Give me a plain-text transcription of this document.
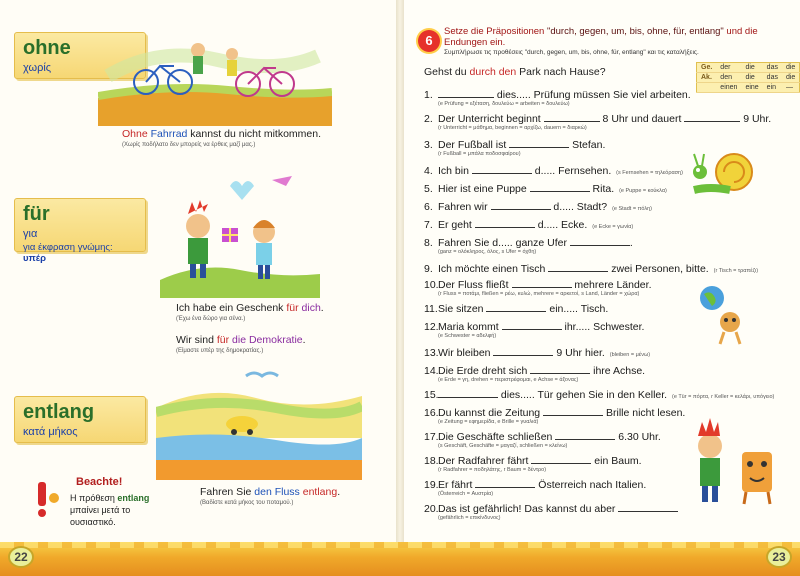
ohne
χωρίς
Ohne Fahrrad kannst du nicht mitkommen.
(Χωρίς ποδήλατο δεν μπορείς να έρθεις μαζί μας.)
für
για
για έκφραση γνώμης: υπέρ
Ich habe ein Geschenk für dich.
(Έχω ένα δώρο για σένα.)
Wir sind für die Demokratie.
(Είμαστε υπέρ της δημοκρατίας.)
entlang
κατά μήκος
Fahren Sie den Fluss entlang.
(Βαδίστε κατά μήκος του ποταμού.)
Beachte!
Η πρόθεση entlang μπαίνει μετά το ουσιαστικό.
6
Setze die Präpositionen "durch, gegen, um, bis, ohne, für, entlang" und die Endungen ein.
Συμπλήρωσε τις προθέσεις "durch, gegen, um, bis, ohne, für, entlang" και τις καταλήξεις.
Gehst du durch den Park nach Hause?	Ge.	der	die	das	die
Ak.	den	die	das	die
	einen	eine	ein	—
1.	dies..... Prüfung müssen Sie viel arbeiten.
(e Prüfung = εξέταση, δουλεύω = arbeiten = δουλεύω)
2. Der Unterricht beginnt	8 Uhr und dauert	9 Uhr.
(r Unterricht = μάθημα, beginnen = αρχίζω, dauern = διαρκώ)
3. Der Fußball ist	Stefan.
(r Fußball = μπάλα ποδοσφαίρου)
4. Ich bin	d..... Fernsehen. (s Fernsehen = τηλεόραση)
5. Hier ist eine Puppe	Rita. (e Puppe = κούκλα)
6. Fahren wir	d..... Stadt? (e Stadt = πόλη)
7. Er geht	d..... Ecke. (e Ecke = γωνία)
8. Fahren Sie d..... ganze Ufer	.
(ganz = ολόκληρος, όλος, s Ufer = όχθη)
9. Ich möchte einen Tisch	zwei Personen, bitte. (r Tisch = τραπέζι)
10.Der Fluss fließt	mehrere Länder.
(r Fluss = ποτάμι, fließen = ρέω, κυλώ, mehrere = αρκετοί, s Land, Länder = χώρα)
11.Sie sitzen	ein..... Tisch.
12.Maria kommt	ihr..... Schwester.
(e Schwester = αδελφή)
13.Wir bleiben	9 Uhr hier. (bleiben = μένω)
14.Die Erde dreht sich	ihre Achse.
(e Erde = γη, drehen = περιστρέφομαι, e Achse = άξονας)
15.	dies..... Tür gehen Sie in den Keller. (e Tür = πόρτα, r Keller = κελάρι, υπόγειο)
16.Du kannst die Zeitung	Brille nicht lesen.
(e Zeitung = εφημερίδα, e Brille = γυαλιά)
17.Die Geschäfte schließen	6.30 Uhr.
(s Geschäft, Geschäfte = μαγαζί, schließen = κλείνω)
18.Der Radfahrer fährt	ein Baum.
(r Radfahrer = ποδηλάτης, r Baum = δέντρο)
19.Er fährt	Österreich nach Italien.
(Österreich = Αυστρία)
20.Das ist gefährlich! Das kannst du aber
(gefährlich = επικίνδυνος)
22	23
